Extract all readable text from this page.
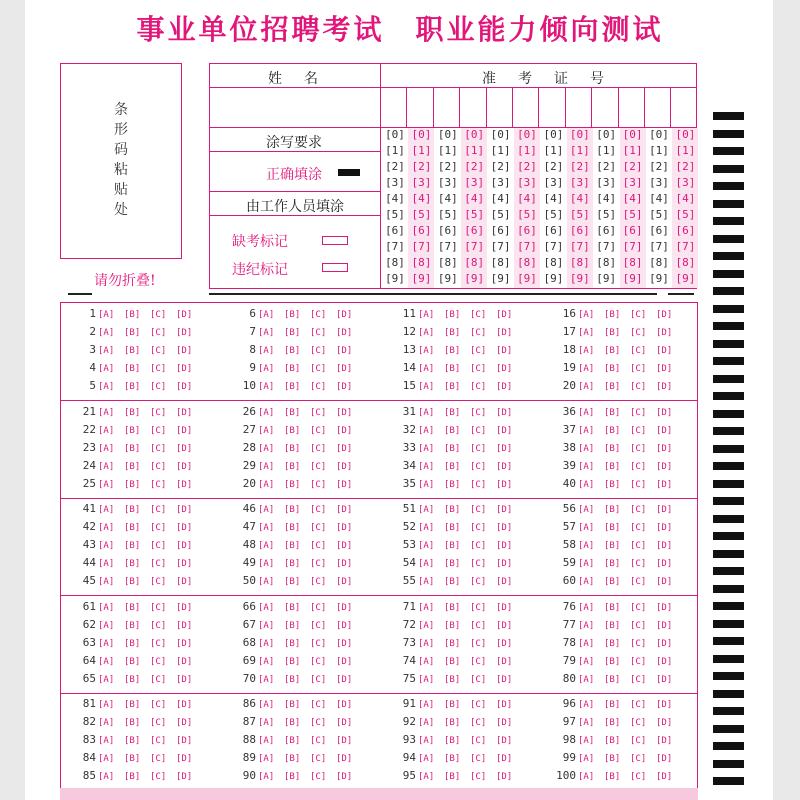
事业单位招聘考试　职业能力倾向测试
条
形
码
粘
贴
处
请勿折叠!
姓　名	准　考　证　号
涂写要求
正确填涂
由工作人员填涂
缺考标记
违纪标记
[0]
[1]
[2]
[3]
[4]
[5]
[6]
[7]
[8]
[9]
[0]
[1]
[2]
[3]
[4]
[5]
[6]
[7]
[8]
[9]
[0]
[1]
[2]
[3]
[4]
[5]
[6]
[7]
[8]
[9]
[0]
[1]
[2]
[3]
[4]
[5]
[6]
[7]
[8]
[9]
[0]
[1]
[2]
[3]
[4]
[5]
[6]
[7]
[8]
[9]
[0]
[1]
[2]
[3]
[4]
[5]
[6]
[7]
[8]
[9]
[0]
[1]
[2]
[3]
[4]
[5]
[6]
[7]
[8]
[9]
[0]
[1]
[2]
[3]
[4]
[5]
[6]
[7]
[8]
[9]
[0]
[1]
[2]
[3]
[4]
[5]
[6]
[7]
[8]
[9]
[0]
[1]
[2]
[3]
[4]
[5]
[6]
[7]
[8]
[9]
[0]
[1]
[2]
[3]
[4]
[5]
[6]
[7]
[8]
[9]
[0]
[1]
[2]
[3]
[4]
[5]
[6]
[7]
[8]
[9]
1 [A] [B] [C] [D]
2 [A] [B] [C] [D]
3 [A] [B] [C] [D]
4 [A] [B] [C] [D]
5 [A] [B] [C] [D]
6 [A] [B] [C] [D]
7 [A] [B] [C] [D]
8 [A] [B] [C] [D]
9 [A] [B] [C] [D]
10 [A] [B] [C] [D]
11 [A] [B] [C] [D]
12 [A] [B] [C] [D]
13 [A] [B] [C] [D]
14 [A] [B] [C] [D]
15 [A] [B] [C] [D]
16 [A] [B] [C] [D]
17 [A] [B] [C] [D]
18 [A] [B] [C] [D]
19 [A] [B] [C] [D]
20 [A] [B] [C] [D]
21 [A] [B] [C] [D]
22 [A] [B] [C] [D]
23 [A] [B] [C] [D]
24 [A] [B] [C] [D]
25 [A] [B] [C] [D]
26 [A] [B] [C] [D]
27 [A] [B] [C] [D]
28 [A] [B] [C] [D]
29 [A] [B] [C] [D]
20 [A] [B] [C] [D]
31 [A] [B] [C] [D]
32 [A] [B] [C] [D]
33 [A] [B] [C] [D]
34 [A] [B] [C] [D]
35 [A] [B] [C] [D]
36 [A] [B] [C] [D]
37 [A] [B] [C] [D]
38 [A] [B] [C] [D]
39 [A] [B] [C] [D]
40 [A] [B] [C] [D]
41 [A] [B] [C] [D]
42 [A] [B] [C] [D]
43 [A] [B] [C] [D]
44 [A] [B] [C] [D]
45 [A] [B] [C] [D]
46 [A] [B] [C] [D]
47 [A] [B] [C] [D]
48 [A] [B] [C] [D]
49 [A] [B] [C] [D]
50 [A] [B] [C] [D]
51 [A] [B] [C] [D]
52 [A] [B] [C] [D]
53 [A] [B] [C] [D]
54 [A] [B] [C] [D]
55 [A] [B] [C] [D]
56 [A] [B] [C] [D]
57 [A] [B] [C] [D]
58 [A] [B] [C] [D]
59 [A] [B] [C] [D]
60 [A] [B] [C] [D]
61 [A] [B] [C] [D]
62 [A] [B] [C] [D]
63 [A] [B] [C] [D]
64 [A] [B] [C] [D]
65 [A] [B] [C] [D]
66 [A] [B] [C] [D]
67 [A] [B] [C] [D]
68 [A] [B] [C] [D]
69 [A] [B] [C] [D]
70 [A] [B] [C] [D]
71 [A] [B] [C] [D]
72 [A] [B] [C] [D]
73 [A] [B] [C] [D]
74 [A] [B] [C] [D]
75 [A] [B] [C] [D]
76 [A] [B] [C] [D]
77 [A] [B] [C] [D]
78 [A] [B] [C] [D]
79 [A] [B] [C] [D]
80 [A] [B] [C] [D]
81 [A] [B] [C] [D]
82 [A] [B] [C] [D]
83 [A] [B] [C] [D]
84 [A] [B] [C] [D]
85 [A] [B] [C] [D]
86 [A] [B] [C] [D]
87 [A] [B] [C] [D]
88 [A] [B] [C] [D]
89 [A] [B] [C] [D]
90 [A] [B] [C] [D]
91 [A] [B] [C] [D]
92 [A] [B] [C] [D]
93 [A] [B] [C] [D]
94 [A] [B] [C] [D]
95 [A] [B] [C] [D]
96 [A] [B] [C] [D]
97 [A] [B] [C] [D]
98 [A] [B] [C] [D]
99 [A] [B] [C] [D]
100 [A] [B] [C] [D]
